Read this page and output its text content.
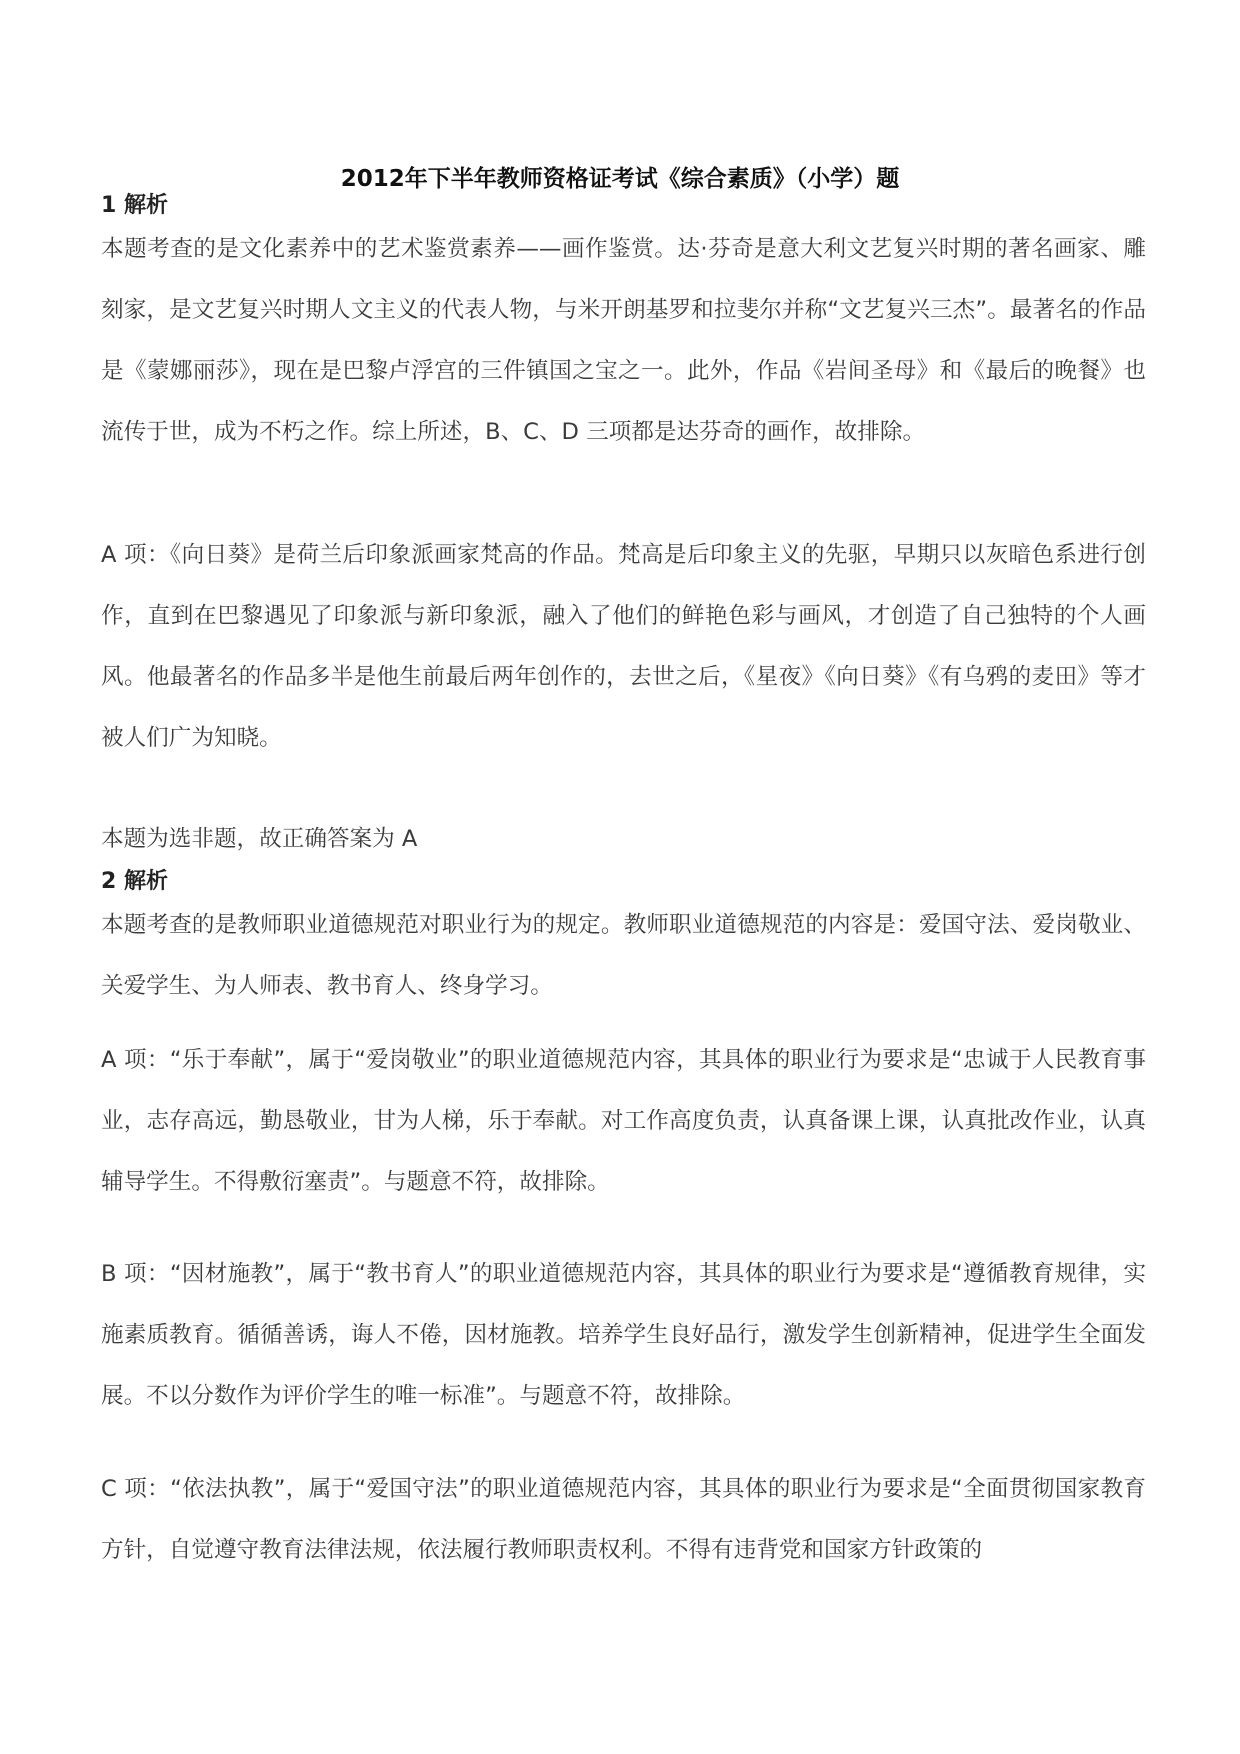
2012年下半年教师资格证考试《综合素质》（小学）题
1 解析

本题考查的是文化素养中的艺术鉴赏素养——画作鉴赏。达·芬奇是意大利文艺复兴时期的著名画家、雕刻家，是文艺复兴时期人文主义的代表人物，与米开朗基罗和拉斐尔并称“文艺复兴三杰”。最著名的作品是《蒙娜丽莎》，现在是巴黎卢浮宫的三件镇国之宝之一。此外，作品《岩间圣母》和《最后的晚餐》也流传于世，成为不朽之作。综上所述，B、C、D 三项都是达芬奇的画作，故排除。

A 项：《向日葵》是荷兰后印象派画家梵高的作品。梵高是后印象主义的先驱，早期只以灰暗色系进行创作，直到在巴黎遇见了印象派与新印象派，融入了他们的鲜艳色彩与画风，才创造了自己独特的个人画风。他最著名的作品多半是他生前最后两年创作的，去世之后，《星夜》《向日葵》《有乌鸦的麦田》等才被人们广为知晓。

本题为选非题，故正确答案为 A

2 解析

本题考查的是教师职业道德规范对职业行为的规定。教师职业道德规范的内容是：爱国守法、爱岗敬业、关爱学生、为人师表、教书育人、终身学习。

A 项：“乐于奉献”，属于“爱岗敬业”的职业道德规范内容，其具体的职业行为要求是“忠诚于人民教育事业，志存高远，勤恳敬业，甘为人梯，乐于奉献。对工作高度负责，认真备课上课，认真批改作业，认真辅导学生。不得敷衍塞责”。与题意不符，故排除。

B 项：“因材施教”，属于“教书育人”的职业道德规范内容，其具体的职业行为要求是“遵循教育规律，实施素质教育。循循善诱，诲人不倦，因材施教。培养学生良好品行，激发学生创新精神，促进学生全面发展。不以分数作为评价学生的唯一标准”。与题意不符，故排除。

C 项：“依法执教”，属于“爱国守法”的职业道德规范内容，其具体的职业行为要求是“全面贯彻国家教育方针，自觉遵守教育法律法规，依法履行教师职责权利。不得有违背党和国家方针政策的
